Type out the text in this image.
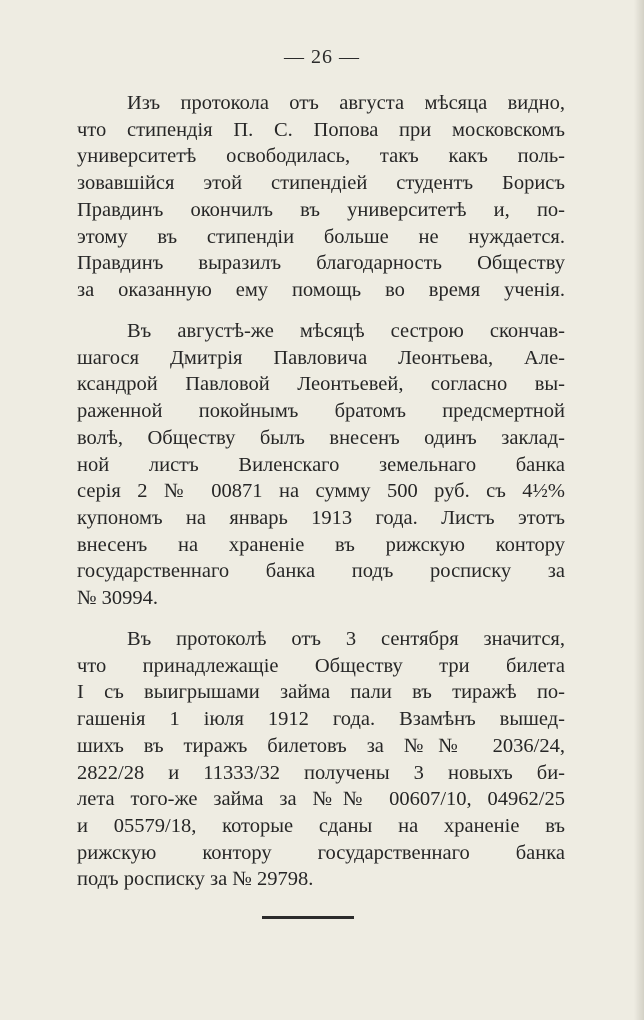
— 26 —
Изъ протокола отъ августа мѣсяца видно,
что стипендія П. С. Попова при московскомъ
университетѣ освободилась, такъ какъ поль-
зовавшійся этой стипендіей студентъ Борисъ
Правдинъ окончилъ въ университетѣ и, по-
этому въ стипендіи больше не нуждается.
Правдинъ выразилъ благодарность Обществу
за оказанную ему помощь во время ученія.
Въ августѣ-же мѣсяцѣ сестрою скончав-
шагося Дмитрія Павловича Леонтьева, Але-
ксандрой Павловой Леонтьевей, согласно вы-
раженной покойнымъ братомъ предсмертной
волѣ, Обществу былъ внесенъ одинъ заклад-
ной листъ Виленскаго земельнаго банка
серія 2 № 00871 на сумму 500 руб. съ 4½%
купономъ на январь 1913 года. Листъ этотъ
внесенъ на храненіе въ рижскую контору
государственнаго банка подъ росписку за
№ 30994.
Въ протоколѣ отъ 3 сентября значится,
что принадлежащіе Обществу три билета
I съ выигрышами займа пали въ тиражѣ по-
гашенія 1 іюля 1912 года. Взамѣнъ вышед-
шихъ въ тиражъ билетовъ за №№ 2036/24,
2822/28 и 11333/32 получены 3 новыхъ би-
лета того-же займа за №№ 00607/10, 04962/25
и 05579/18, которые сданы на храненіе въ
рижскую контору государственнаго банка
подъ росписку за № 29798.
